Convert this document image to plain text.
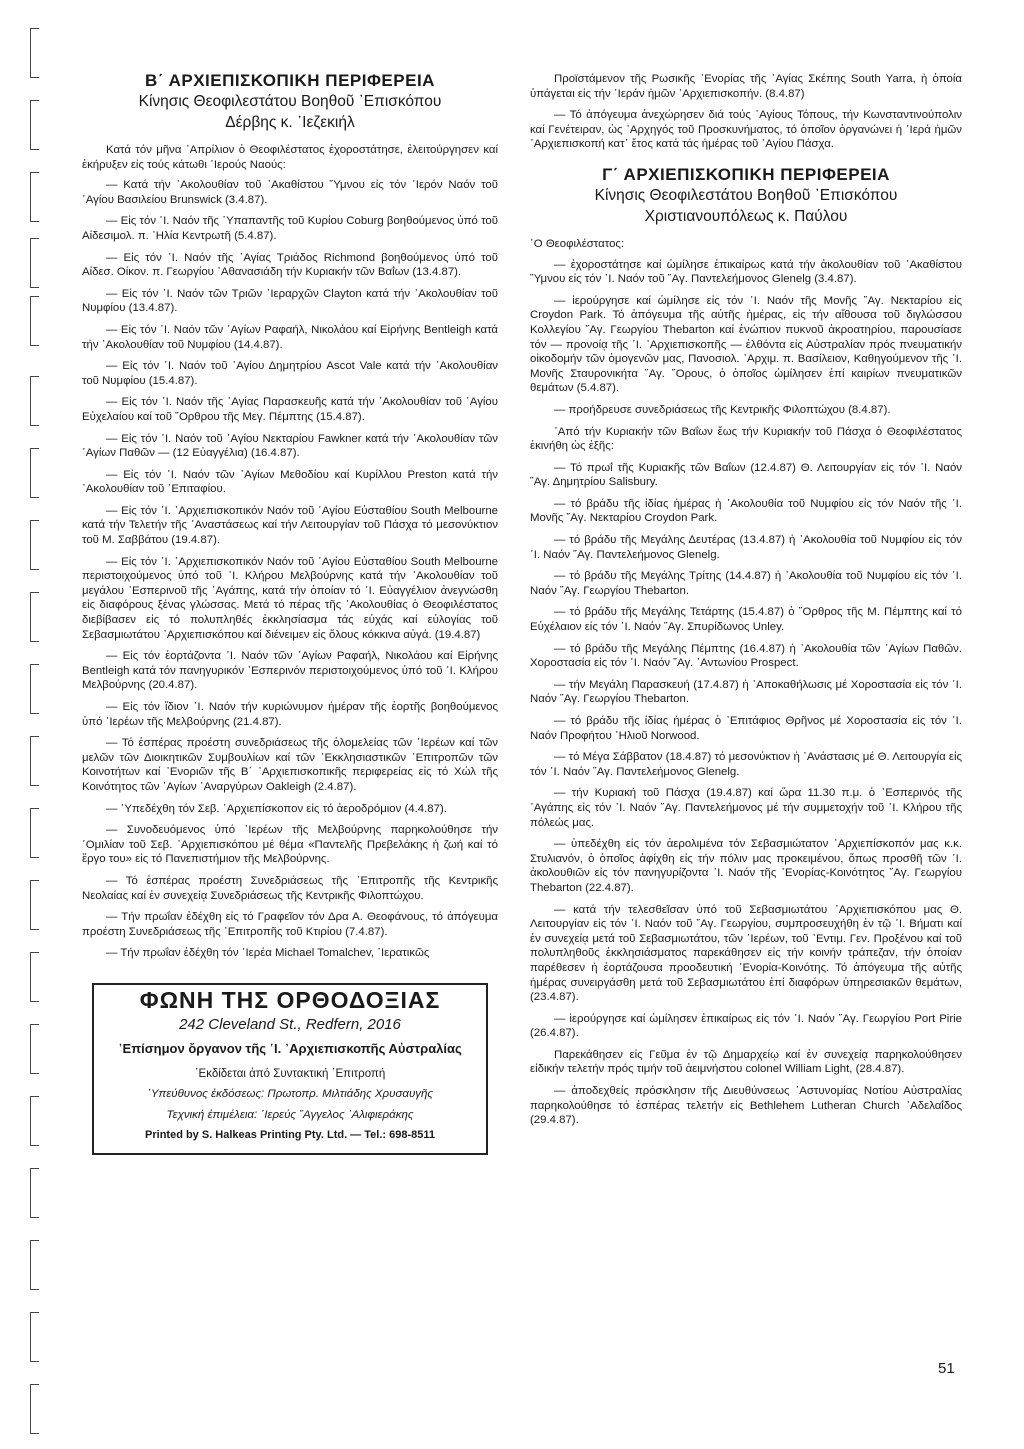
Β΄ ΑΡΧΙΕΠΙΣΚΟΠΙΚΗ ΠΕΡΙΦΕΡΕΙΑ
Κίνησις Θεοφιλεστάτου Βοηθοῦ ᾿Επισκόπου
Δέρβης κ. ᾿Ιεζεκιήλ

Κατά τόν μῆνα ᾿Απρίλιον ὁ Θεοφιλέστατος ἐχοροστάτησε, ἐλειτούργησεν καί ἐκήρυξεν εἰς τούς κάτωθι ῾Ιερούς Ναούς:

— Κατά τήν ᾿Ακολουθίαν τοῦ ᾿Ακαθίστου ῞Υμνου εἰς τόν ῾Ιερόν Ναόν τοῦ ῾Αγίου Βασιλείου Brunswick (3.4.87).

— Εἰς τόν ῾Ι. Ναόν τῆς ῾Υπαπαντῆς τοῦ Κυρίου Coburg βοηθούμενος ὑπό τοῦ Αἰδεσιμολ. π. ᾿Ηλία Κεντρωτῆ (5.4.87).

— Εἰς τόν ῾Ι. Ναόν τῆς ῾Αγίας Τριάδος Richmond βοηθούμενος ὑπό τοῦ Αἰδεσ. Οἰκον. π. Γεωργίου ᾿Αθανασιάδη τήν Κυριακήν τῶν Βαΐων (13.4.87).

— Εἰς τόν ῾Ι. Ναόν τῶν Τριῶν ῾Ιεραρχῶν Clayton κατά τήν ᾿Ακολουθίαν τοῦ Νυμφίου (13.4.87).

— Εἰς τόν ῾Ι. Ναόν τῶν ῾Αγίων Ραφαήλ, Νικολάου καί Εἰρήνης Bentleigh κατά τήν ᾿Ακολουθίαν τοῦ Νυμφίου (14.4.87).

— Εἰς τόν ῾Ι. Ναόν τοῦ ῾Αγίου Δημητρίου Ascot Vale κατά τήν ᾿Ακολουθίαν τοῦ Νυμφίου (15.4.87).

— Εἰς τόν ῾Ι. Ναόν τῆς ῾Αγίας Παρασκευῆς κατά τήν ᾿Ακολουθίαν τοῦ ῾Αγίου Εὐχελαίου καί τοῦ ῎Ορθρου τῆς Μεγ. Πέμπτης (15.4.87).

— Εἰς τόν ῾Ι. Ναόν τοῦ ῾Αγίου Νεκταρίου Fawkner κατά τήν ᾿Ακολουθίαν τῶν ῾Αγίων Παθῶν — (12 Εὐαγγέλια) (16.4.87).

— Εἰς τόν ῾Ι. Ναόν τῶν ῾Αγίων Μεθοδίου καί Κυρίλλου Preston κατά τήν ᾿Ακολουθίαν τοῦ ᾿Επιταφίου.

— Εἰς τόν ῾Ι. ᾿Αρχιεπισκοπικόν Ναόν τοῦ ῾Αγίου Εὐσταθίου South Melbourne κατά τήν Τελετήν τῆς ᾿Αναστάσεως καί τήν Λειτουργίαν τοῦ Πάσχα τό μεσονύκτιον τοῦ Μ. Σαββάτου (19.4.87).

— Εἰς τόν ῾Ι. ᾿Αρχιεπισκοπικόν Ναόν τοῦ ῾Αγίου Εὐσταθίου South Melbourne περιστοιχούμενος ὑπό τοῦ ῾Ι. Κλήρου Μελβούρνης κατά τήν ᾿Ακολουθίαν τοῦ μεγάλου ᾿Εσπερινοῦ τῆς ᾿Αγάπης, κατά τήν ὁποίαν τό ῾Ι. Εὐαγγέλιον ἀνεγνώσθη εἰς διαφόρους ξένας γλώσσας. Μετά τό πέρας τῆς ᾿Ακολουθίας ὁ Θεοφιλέστατος διεβίβασεν εἰς τό πολυπληθές ἐκκλησίασμα τάς εὐχάς καί εὐλογίας τοῦ Σεβασμιωτάτου ᾿Αρχιεπισκόπου καί διένειμεν εἰς ὅλους κόκκινα αὐγά. (19.4.87)

— Εἰς τόν ἑορτάζοντα ῾Ι. Ναόν τῶν ῾Αγίων Ραφαήλ, Νικολάου καί Εἰρήνης Bentleigh κατά τόν πανηγυρικόν ᾿Εσπερινόν περιστοιχούμενος ὑπό τοῦ ῾Ι. Κλήρου Μελβούρνης (20.4.87).

— Εἰς τόν ἴδιον ῾Ι. Ναόν τήν κυριώνυμον ἡμέραν τῆς ἑορτῆς βοηθούμενος ὑπό ῾Ιερέων τῆς Μελβούρνης (21.4.87).

— Τό ἑσπέρας προέστη συνεδριάσεως τῆς ὁλομελείας τῶν ῾Ιερέων καί τῶν μελῶν τῶν Διοικητικῶν Συμβουλίων καί τῶν ᾿Εκκλησιαστικῶν ᾿Επιτροπῶν τῶν Κοινοτήτων καί ᾿Ενοριῶν τῆς Β΄ ᾿Αρχιεπισκοπικῆς περιφερείας εἰς τό Χώλ τῆς Κοινότητος τῶν ῾Αγίων ᾿Αναργύρων Oakleigh (2.4.87).

— ῾Υπεδέχθη τόν Σεβ. ᾿Αρχιεπίσκοπον εἰς τό ἀεροδρόμιον (4.4.87).

— Συνοδευόμενος ὑπό ῾Ιερέων τῆς Μελβούρνης παρηκολούθησε τήν ῾Ομιλίαν τοῦ Σεβ. ᾿Αρχιεπισκόπου μέ θέμα «Παντελῆς Πρεβελάκης ἡ ζωή καί τό ἔργο του» εἰς τό Πανεπιστήμιον τῆς Μελβούρνης.

— Τό ἑσπέρας προέστη Συνεδριάσεως τῆς ᾿Επιτροπῆς τῆς Κεντρικῆς Νεολαίας καί ἐν συνεχείᾳ Συνεδριάσεως τῆς Κεντρικῆς Φιλοπτώχου.

— Τήν πρωΐαν ἐδέχθη εἰς τό Γραφεῖον τόν Δρα Α. Θεοφάνους, τό ἀπόγευμα προέστη Συνεδριάσεως τῆς ᾿Επιτροπῆς τοῦ Κτιρίου (7.4.87).

— Τήν πρωΐαν ἐδέχθη τόν ῾Ιερέα Michael Tomalchev, ῾Ιερατικῶς

ΦΩΝΗ ΤΗΣ ΟΡΘΟΔΟΞΙΑΣ
242 Cleveland St., Redfern, 2016
᾿Επίσημον ὄργανον τῆς ῾Ι. ᾿Αρχιεπισκοπῆς Αὐστραλίας
᾿Εκδίδεται ἀπό Συντακτική ᾿Επιτροπή
῾Υπεύθυνος ἐκδόσεως: Πρωτοπρ. Μιλτιάδης Χρυσαυγῆς
Τεχνική ἐπιμέλεια: ῾Ιερεύς ῎Αγγελος ᾿Αλιφιεράκης
Printed by S. Halkeas Printing Pty. Ltd. — Tel.: 698-8511

Προϊστάμενον τῆς Ρωσικῆς ᾿Ενορίας τῆς ῾Αγίας Σκέπης South Yarra, ἡ ὁποία ὑπάγεται εἰς τήν ῾Ιεράν ἡμῶν ᾿Αρχιεπισκοπήν. (8.4.87)

— Τό ἀπόγευμα ἀνεχώρησεν διά τούς ῾Αγίους Τόπους, τήν Κωνσταντινούπολιν καί Γενέτειραν, ὡς ᾿Αρχηγός τοῦ Προσκυνήματος, τό ὁποῖον ὀργανώνει ἡ ῾Ιερά ἡμῶν ᾿Αρχιεπισκοπή κατ᾿ ἔτος κατά τάς ἡμέρας τοῦ ῾Αγίου Πάσχα.

Γ΄ ΑΡΧΙΕΠΙΣΚΟΠΙΚΗ ΠΕΡΙΦΕΡΕΙΑ
Κίνησις Θεοφιλεστάτου Βοηθοῦ ᾿Επισκόπου
Χριστιανουπόλεως κ. Παύλου

῾Ο Θεοφιλέστατος:

— ἐχοροστάτησε καί ὡμίλησε ἐπικαίρως κατά τήν ἀκολουθίαν τοῦ ᾿Ακαθίστου ῞Υμνου εἰς τόν ῾Ι. Ναόν τοῦ ῞Αγ. Παντελεήμονος Glenelg (3.4.87).

— ἱερούργησε καί ὡμίλησε εἰς τόν ῾Ι. Ναόν τῆς Μονῆς ῞Αγ. Νεκταρίου εἰς Croydon Park. Τό ἀπόγευμα τῆς αὐτῆς ἡμέρας, εἰς τήν αἴθουσα τοῦ διγλώσσου Κολλεγίου ῞Αγ. Γεωργίου Thebarton καί ἐνώπιον πυκνοῦ ἀκροατηρίου, παρουσίασε τόν — προνοίᾳ τῆς ῾Ι. ᾿Αρχιεπισκοπῆς — ἐλθόντα εἰς Αὐστραλίαν πρός πνευματικήν οἰκοδομήν τῶν ὁμογενῶν μας, Πανοσιολ. ᾿Αρχιμ. π. Βασίλειον, Καθηγούμενον τῆς ῾Ι. Μονῆς Σταυρονικήτα ῞Αγ. ῎Ορους, ὁ ὁποῖος ὡμίλησεν ἐπί καιρίων πνευματικῶν θεμάτων (5.4.87).

— προήδρευσε συνεδριάσεως τῆς Κεντρικῆς Φιλοπτώχου (8.4.87).

᾿Από τήν Κυριακήν τῶν Βαΐων ἕως τήν Κυριακήν τοῦ Πάσχα ὁ Θεοφιλέστατος ἐκινήθη ὡς ἑξῆς:

— Τό πρωΐ τῆς Κυριακῆς τῶν Βαΐων (12.4.87) Θ. Λειτουργίαν εἰς τόν ῾Ι. Ναόν ῞Αγ. Δημητρίου Salisbury.

— τό βράδυ τῆς ἰδίας ἡμέρας ἡ ᾿Ακολουθία τοῦ Νυμφίου εἰς τόν Ναόν τῆς ῾Ι. Μονῆς ῞Αγ. Νεκταρίου Croydon Park.

— τό βράδυ τῆς Μεγάλης Δευτέρας (13.4.87) ἡ ᾿Ακολουθία τοῦ Νυμφίου εἰς τόν ῾Ι. Ναόν ῞Αγ. Παντελεήμονος Glenelg.

— τό βράδυ τῆς Μεγάλης Τρίτης (14.4.87) ἡ ᾿Ακολουθία τοῦ Νυμφίου εἰς τόν ῾Ι. Ναόν ῞Αγ. Γεωργίου Thebarton.

— τό βράδυ τῆς Μεγάλης Τετάρτης (15.4.87) ὁ ῎Ορθρος τῆς Μ. Πέμπτης καί τό Εὐχέλαιον εἰς τόν ῾Ι. Ναόν ῞Αγ. Σπυρίδωνος Unley.

— τό βράδυ τῆς Μεγάλης Πέμπτης (16.4.87) ἡ ᾿Ακολουθία τῶν ῾Αγίων Παθῶν. Χοροστασία εἰς τόν ῾Ι. Ναόν ῞Αγ. ᾿Αντωνίου Prospect.

— τήν Μεγάλη Παρασκευή (17.4.87) ἡ ᾿Αποκαθήλωσις μέ Χοροστασία εἰς τόν ῾Ι. Ναόν ῞Αγ. Γεωργίου Thebarton.

— τό βράδυ τῆς ἰδίας ἡμέρας ὁ ᾿Επιτάφιος Θρῆνος μέ Χοροστασία εἰς τόν ῾Ι. Ναόν Προφήτου ᾿Ηλιοῦ Norwood.

— τό Μέγα Σάββατον (18.4.87) τό μεσονύκτιον ἡ ᾿Ανάστασις μέ Θ. Λειτουργία εἰς τόν ῾Ι. Ναόν ῞Αγ. Παντελεήμονος Glenelg.

— τήν Κυριακή τοῦ Πάσχα (19.4.87) καί ὥρα 11.30 π.μ. ὁ ᾿Εσπερινός τῆς ᾿Αγάπης εἰς τόν ῾Ι. Ναόν ῞Αγ. Παντελεήμονος μέ τήν συμμετοχήν τοῦ ῾Ι. Κλήρου τῆς πόλεώς μας.

— ὑπεδέχθη εἰς τόν ἀερολιμένα τόν Σεβασμιώτατον ᾿Αρχιεπίσκοπόν μας κ.κ. Στυλιανόν, ὁ ὁποῖος ἀφίχθη εἰς τήν πόλιν μας προκειμένου, ὅπως προσθῆ τῶν ῾Ι. ἀκολουθιῶν εἰς τόν πανηγυρίζοντα ῾Ι. Ναόν τῆς ᾿Ενορίας-Κοινότητος ῞Αγ. Γεωργίου Thebarton (22.4.87).

— κατά τήν τελεσθεῖσαν ὑπό τοῦ Σεβασμιωτάτου ᾿Αρχιεπισκόπου μας Θ. Λειτουργίαν εἰς τόν ῾Ι. Ναόν τοῦ ῞Αγ. Γεωργίου, συμπροσευχήθη ἐν τῷ ῾Ι. Βήματι καί ἐν συνεχείᾳ μετά τοῦ Σεβασμιωτάτου, τῶν ῾Ιερέων, τοῦ ᾿Εντιμ. Γεν. Προξένου καί τοῦ πολυπληθοῦς ἐκκλησιάσματος παρεκάθησεν εἰς τήν κοινήν τράπεζαν, τήν ὁποίαν παρέθεσεν ἡ ἑορτάζουσα προοδευτική ᾿Ενορία-Κοινότης. Τό ἀπόγευμα τῆς αὐτῆς ἡμέρας συνειργάσθη μετά τοῦ Σεβασμιωτάτου ἐπί διαφόρων ὑπηρεσιακῶν θεμάτων, (23.4.87).

— ἱερούργησε καί ὡμίλησεν ἐπικαίρως εἰς τόν ῾Ι. Ναόν ῞Αγ. Γεωργίου Port Pirie (26.4.87).

Παρεκάθησεν εἰς Γεῦμα ἐν τῷ Δημαρχείῳ καί ἐν συνεχείᾳ παρηκολούθησεν εἰδικήν τελετήν πρός τιμήν τοῦ ἀειμνήστου colonel William Light, (28.4.87).

— ἀποδεχθείς πρόσκλησιν τῆς Διευθύνσεως ᾿Αστυνομίας Νοτίου Αὐστραλίας παρηκολούθησε τό ἑσπέρας τελετήν εἰς Bethlehem Lutheran Church ᾿Αδελαΐδος (29.4.87).

51
